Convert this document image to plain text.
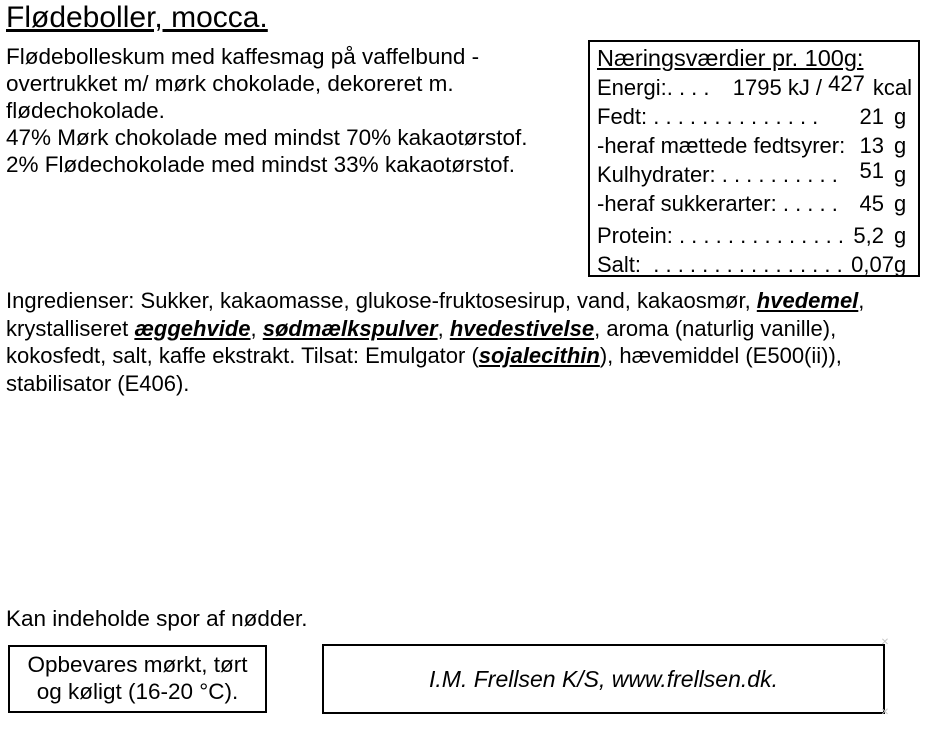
Flødeboller, mocca.
Flødebolleskum med kaffesmag på vaffelbund -
overtrukket m/ mørk chokolade, dekoreret m.
flødechokolade.
47% Mørk chokolade med mindst 70% kakaotørstof.
2% Flødechokolade med mindst 33% kakaotørstof.
Næringsværdier pr. 100g:
Energi:. . . . 1795 kJ / 427 kcal
Fedt: . . . . . . . . . . . . . . 21 g
-heraf mættede fedtsyrer: 13 g
Kulhydrater: . . . . . . . . . . 51 g
-heraf sukkerarter: . . . . . 45 g
Protein: . . . . . . . . . . . . . . 5,2 g
Salt: . . . . . . . . . . . . . . . . 0,07 g
Ingredienser: Sukker, kakaomasse, glukose-fruktosesirup, vand, kakaosmør, hvedemel,
krystalliseret æggehvide, sødmælkspulver, hvedestivelse, aroma (naturlig vanille),
kokosfedt, salt, kaffe ekstrakt. Tilsat: Emulgator (sojalecithin), hævemiddel (E500(ii)),
stabilisator (E406).
Kan indeholde spor af nødder.
Opbevares mørkt, tørt
og køligt (16-20 °C).	I.M. Frellsen K/S, www.frellsen.dk.
✕
✕
